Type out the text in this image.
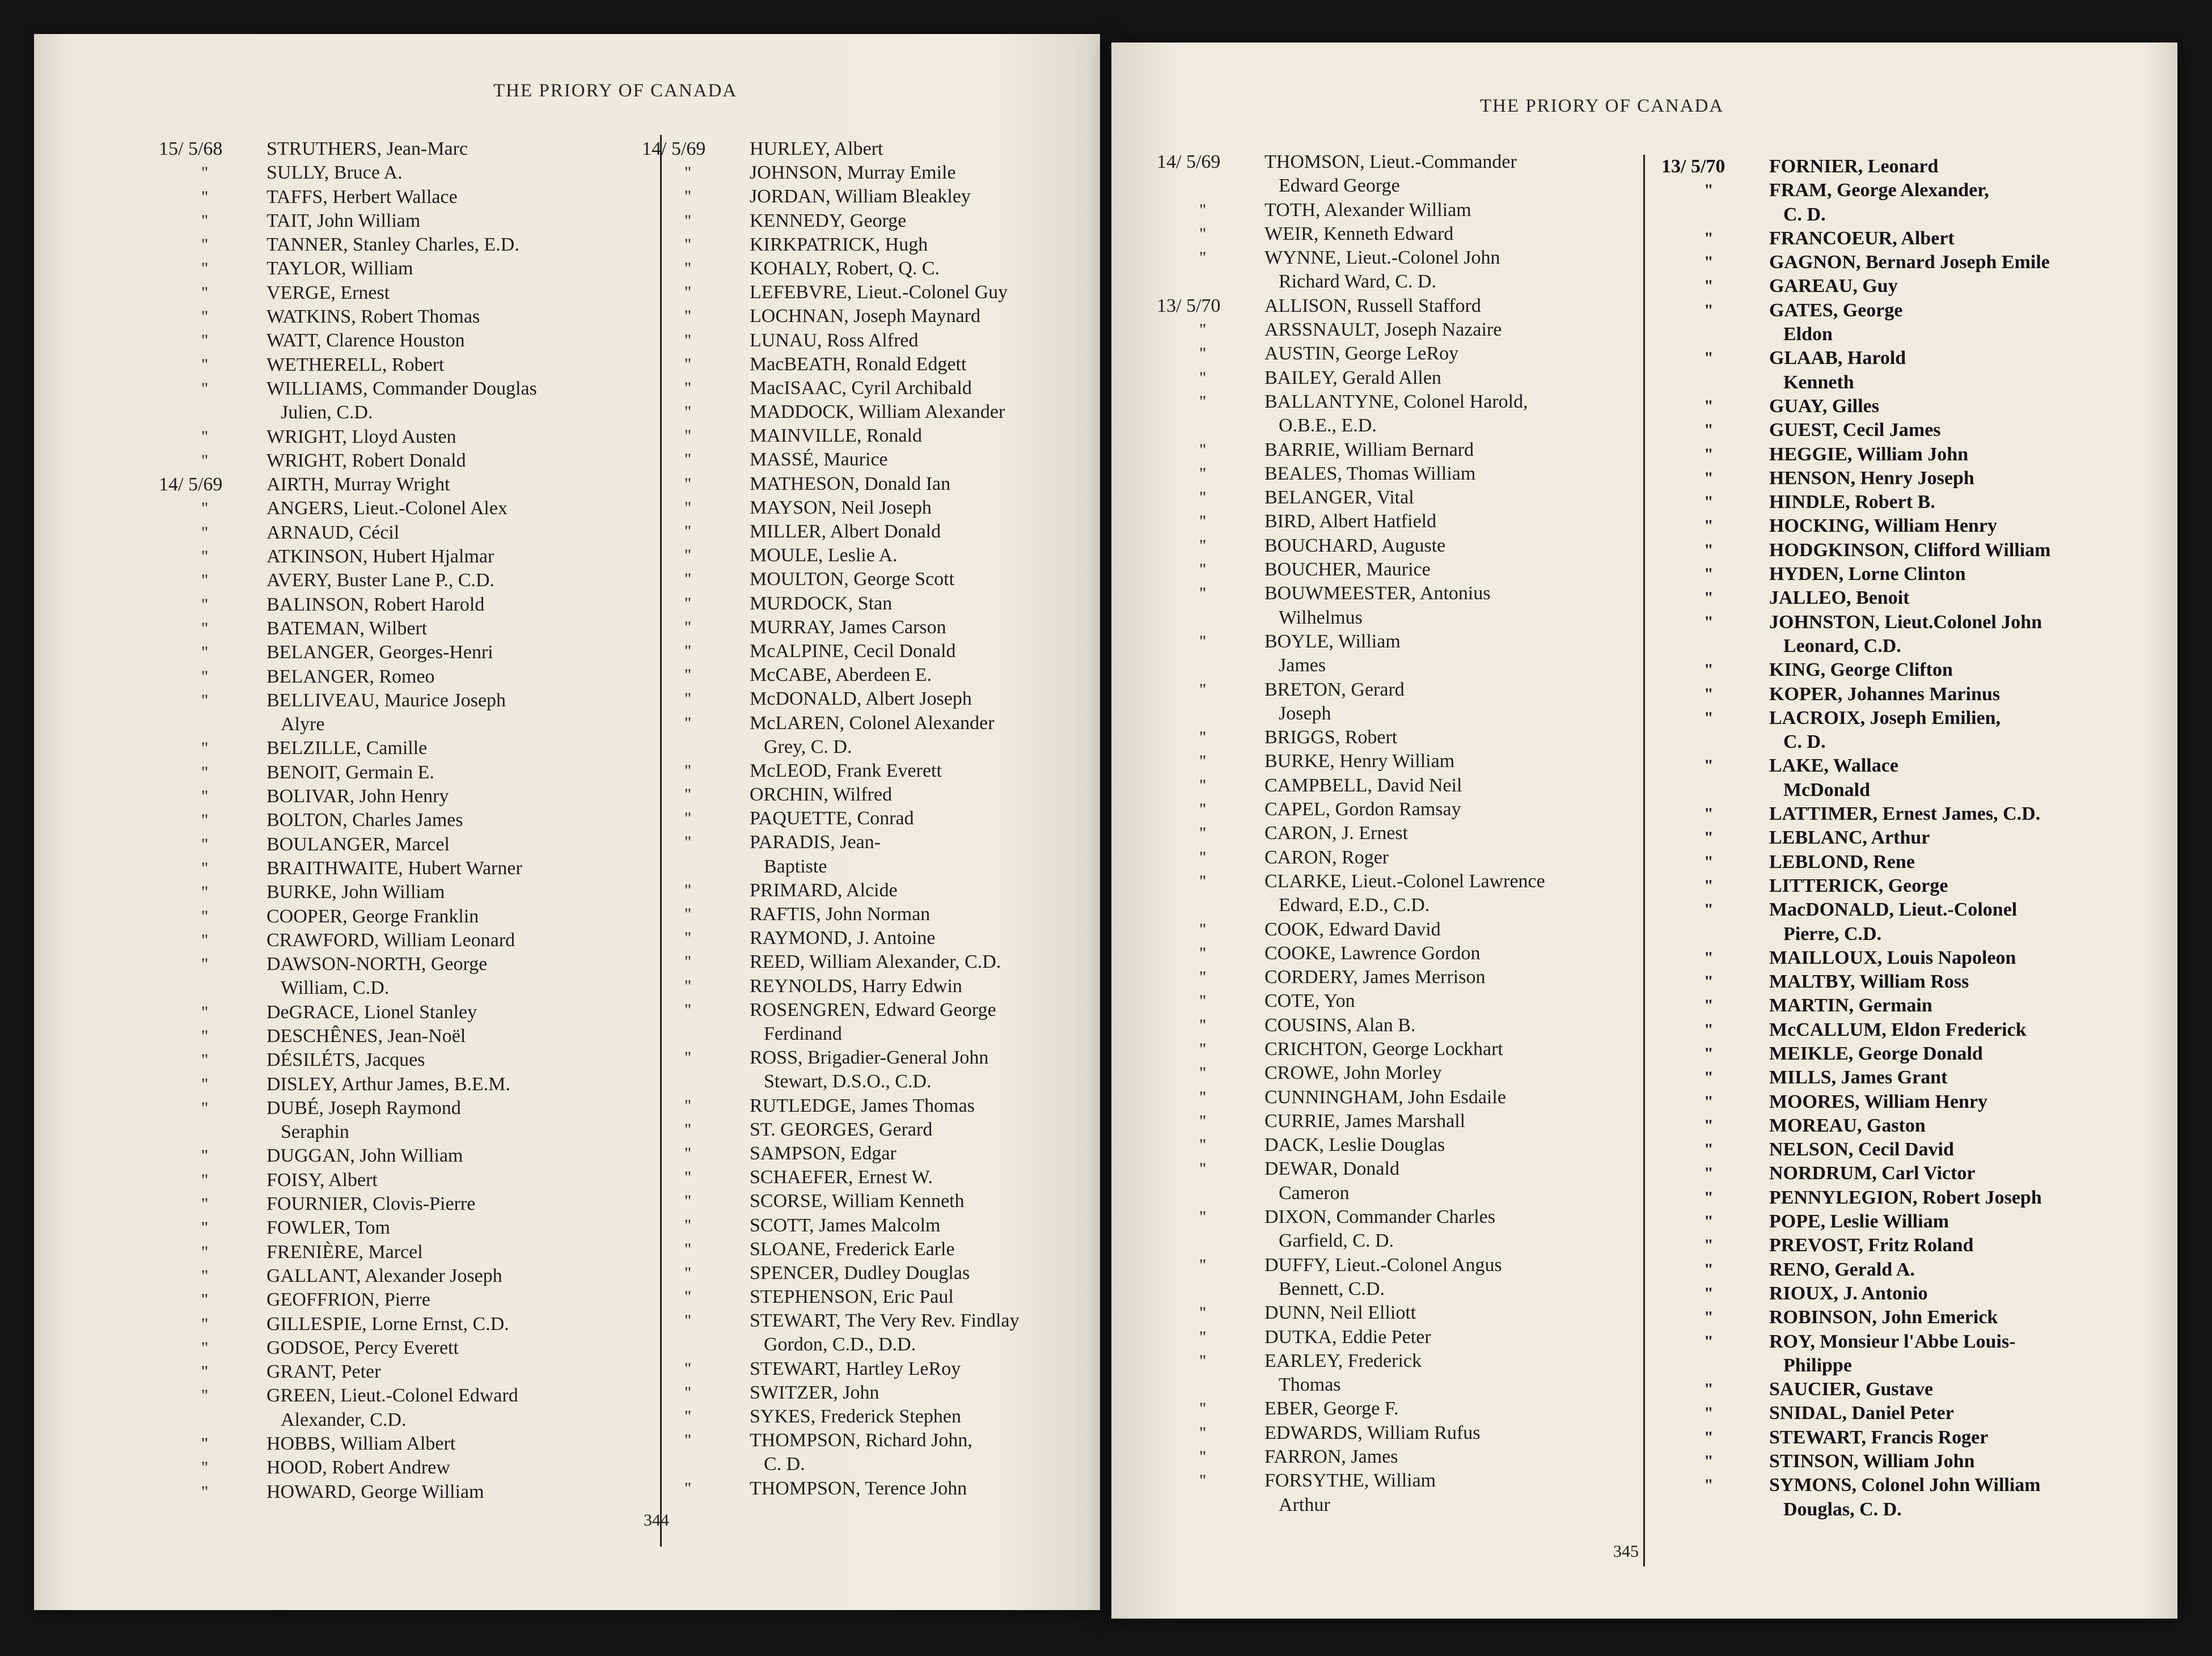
THE PRIORY OF CANADA
15/ 5/68 STRUTHERS, Jean-Marc
"	SULLY, Bruce A.
"	TAFFS, Herbert Wallace
"	TAIT, John William
"	TANNER, Stanley Charles, E.D.
"	TAYLOR, William
"	VERGE, Ernest
"	WATKINS, Robert Thomas
"	WATT, Clarence Houston
"	WETHERELL, Robert
"	WILLIAMS, Commander Douglas
Julien, C.D.
"	WRIGHT, Lloyd Austen
"	WRIGHT, Robert Donald
14/ 5/69 AIRTH, Murray Wright
"	ANGERS, Lieut.-Colonel Alex
"	ARNAUD, Cécil
"	ATKINSON, Hubert Hjalmar
"	AVERY, Buster Lane P., C.D.
"	BALINSON, Robert Harold
"	BATEMAN, Wilbert
"	BELANGER, Georges-Henri
"	BELANGER, Romeo
"	BELLIVEAU, Maurice Joseph
Alyre
"	BELZILLE, Camille
"	BENOIT, Germain E.
"	BOLIVAR, John Henry
"	BOLTON, Charles James
"	BOULANGER, Marcel
"	BRAITHWAITE, Hubert Warner
"	BURKE, John William
"	COOPER, George Franklin
"	CRAWFORD, William Leonard
"	DAWSON-NORTH, George
William, C.D.
"	DeGRACE, Lionel Stanley
"	DESCHÊNES, Jean-Noël
"	DÉSILÉTS, Jacques
"	DISLEY, Arthur James, B.E.M.
"	DUBÉ, Joseph Raymond
Seraphin
"	DUGGAN, John William
"	FOISY, Albert
"	FOURNIER, Clovis-Pierre
"	FOWLER, Tom
"	FRENIÈRE, Marcel
"	GALLANT, Alexander Joseph
"	GEOFFRION, Pierre
"	GILLESPIE, Lorne Ernst, C.D.
"	GODSOE, Percy Everett
"	GRANT, Peter
"	GREEN, Lieut.-Colonel Edward
Alexander, C.D.
"	HOBBS, William Albert
"	HOOD, Robert Andrew
"	HOWARD, George William
14/ 5/69 HURLEY, Albert
"	JOHNSON, Murray Emile
"	JORDAN, William Bleakley
"	KENNEDY, George
"	KIRKPATRICK, Hugh
"	KOHALY, Robert, Q. C.
"	LEFEBVRE, Lieut.-Colonel Guy
"	LOCHNAN, Joseph Maynard
"	LUNAU, Ross Alfred
"	MacBEATH, Ronald Edgett
"	MacISAAC, Cyril Archibald
"	MADDOCK, William Alexander
"	MAINVILLE, Ronald
"	MASSÉ, Maurice
"	MATHESON, Donald Ian
"	MAYSON, Neil Joseph
"	MILLER, Albert Donald
"	MOULE, Leslie A.
"	MOULTON, George Scott
"	MURDOCK, Stan
"	MURRAY, James Carson
"	McALPINE, Cecil Donald
"	McCABE, Aberdeen E.
"	McDONALD, Albert Joseph
"	McLAREN, Colonel Alexander
Grey, C. D.
"	McLEOD, Frank Everett
"	ORCHIN, Wilfred
"	PAQUETTE, Conrad
"	PARADIS, Jean-
Baptiste
"	PRIMARD, Alcide
"	RAFTIS, John Norman
"	RAYMOND, J. Antoine
"	REED, William Alexander, C.D.
"	REYNOLDS, Harry Edwin
"	ROSENGREN, Edward George
Ferdinand
"	ROSS, Brigadier-General John
Stewart, D.S.O., C.D.
"	RUTLEDGE, James Thomas
"	ST. GEORGES, Gerard
"	SAMPSON, Edgar
"	SCHAEFER, Ernest W.
"	SCORSE, William Kenneth
"	SCOTT, James Malcolm
"	SLOANE, Frederick Earle
"	SPENCER, Dudley Douglas
"	STEPHENSON, Eric Paul
"	STEWART, The Very Rev. Findlay
Gordon, C.D., D.D.
"	STEWART, Hartley LeRoy
"	SWITZER, John
"	SYKES, Frederick Stephen
"	THOMPSON, Richard John,
C. D.
"	THOMPSON, Terence John
344
THE PRIORY OF CANADA
14/ 5/69 THOMSON, Lieut.-Commander
Edward George
"	TOTH, Alexander William
"	WEIR, Kenneth Edward
"	WYNNE, Lieut.-Colonel John
Richard Ward, C. D.
13/ 5/70 ALLISON, Russell Stafford
"	ARSSNAULT, Joseph Nazaire
"	AUSTIN, George LeRoy
"	BAILEY, Gerald Allen
"	BALLANTYNE, Colonel Harold,
O.B.E., E.D.
"	BARRIE, William Bernard
"	BEALES, Thomas William
"	BELANGER, Vital
"	BIRD, Albert Hatfield
"	BOUCHARD, Auguste
"	BOUCHER, Maurice
"	BOUWMEESTER, Antonius
Wilhelmus
"	BOYLE, William
James
"	BRETON, Gerard
Joseph
"	BRIGGS, Robert
"	BURKE, Henry William
"	CAMPBELL, David Neil
"	CAPEL, Gordon Ramsay
"	CARON, J. Ernest
"	CARON, Roger
"	CLARKE, Lieut.-Colonel Lawrence
Edward, E.D., C.D.
"	COOK, Edward David
"	COOKE, Lawrence Gordon
"	CORDERY, James Merrison
"	COTE, Yon
"	COUSINS, Alan B.
"	CRICHTON, George Lockhart
"	CROWE, John Morley
"	CUNNINGHAM, John Esdaile
"	CURRIE, James Marshall
"	DACK, Leslie Douglas
"	DEWAR, Donald
Cameron
"	DIXON, Commander Charles
Garfield, C. D.
"	DUFFY, Lieut.-Colonel Angus
Bennett, C.D.
"	DUNN, Neil Elliott
"	DUTKA, Eddie Peter
"	EARLEY, Frederick
Thomas
"	EBER, George F.
"	EDWARDS, William Rufus
"	FARRON, James
"	FORSYTHE, William
Arthur
13/ 5/70 FORNIER, Leonard
"	FRAM, George Alexander,
C. D.
"	FRANCOEUR, Albert
"	GAGNON, Bernard Joseph Emile
"	GAREAU, Guy
"	GATES, George
Eldon
"	GLAAB, Harold
Kenneth
"	GUAY, Gilles
"	GUEST, Cecil James
"	HEGGIE, William John
"	HENSON, Henry Joseph
"	HINDLE, Robert B.
"	HOCKING, William Henry
"	HODGKINSON, Clifford William
"	HYDEN, Lorne Clinton
"	JALLEO, Benoit
"	JOHNSTON, Lieut.Colonel John
Leonard, C.D.
"	KING, George Clifton
"	KOPER, Johannes Marinus
"	LACROIX, Joseph Emilien,
C. D.
"	LAKE, Wallace
McDonald
"	LATTIMER, Ernest James, C.D.
"	LEBLANC, Arthur
"	LEBLOND, Rene
"	LITTERICK, George
"	MacDONALD, Lieut.-Colonel
Pierre, C.D.
"	MAILLOUX, Louis Napoleon
"	MALTBY, William Ross
"	MARTIN, Germain
"	McCALLUM, Eldon Frederick
"	MEIKLE, George Donald
"	MILLS, James Grant
"	MOORES, William Henry
"	MOREAU, Gaston
"	NELSON, Cecil David
"	NORDRUM, Carl Victor
"	PENNYLEGION, Robert Joseph
"	POPE, Leslie William
"	PREVOST, Fritz Roland
"	RENO, Gerald A.
"	RIOUX, J. Antonio
"	ROBINSON, John Emerick
"	ROY, Monsieur l'Abbe Louis-
Philippe
"	SAUCIER, Gustave
"	SNIDAL, Daniel Peter
"	STEWART, Francis Roger
"	STINSON, William John
"	SYMONS, Colonel John William
Douglas, C. D.
345
